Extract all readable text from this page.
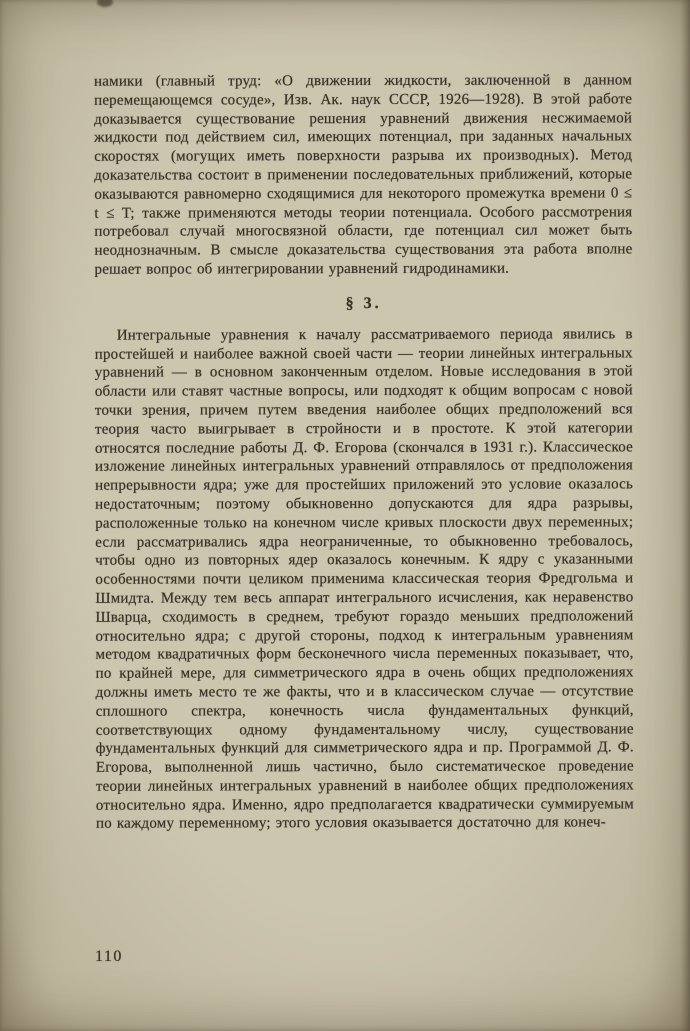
намики (главный труд: «О движении жидкости, заключенной в данном перемещающемся сосуде», Изв. Ак. наук СССР, 1926—1928). В этой работе доказывается существование решения уравнений движения несжимаемой жидкости под действием сил, имеющих потенциал, при заданных начальных скоростях (могущих иметь поверхности разрыва их производных). Метод доказательства состоит в применении последовательных приближений, которые оказываются равномерно сходящимися для некоторого промежутка времени 0 ≤ t ≤ T; также применяются методы теории потенциала. Особого рассмотрения потребовал случай многосвязной области, где потенциал сил может быть неоднозначным. В смысле доказательства существования эта работа вполне решает вопрос об интегрировании уравнений гидродинамики.

§ 3.

Интегральные уравнения к началу рассматриваемого периода явились в простейшей и наиболее важной своей части — теории линейных интегральных уравнений — в основном законченным отделом. Новые исследования в этой области или ставят частные вопросы, или подходят к общим вопросам с новой точки зрения, причем путем введения наиболее общих предположений вся теория часто выигрывает в стройности и в простоте. К этой категории относятся последние работы Д. Ф. Егорова (скончался в 1931 г.). Классическое изложение линейных интегральных уравнений отправлялось от предположения непрерывности ядра; уже для простейших приложений это условие оказалось недостаточным; поэтому обыкновенно допускаются для ядра разрывы, расположенные только на конечном числе кривых плоскости двух переменных; если рассматривались ядра неограниченные, то обыкновенно требовалось, чтобы одно из повторных ядер оказалось конечным. К ядру с указанными особенностями почти целиком применима классическая теория Фредгольма и Шмидта. Между тем весь аппарат интегрального исчисления, как неравенство Шварца, сходимость в среднем, требуют гораздо меньших предположений относительно ядра; с другой стороны, подход к интегральным уравнениям методом квадратичных форм бесконечного числа переменных показывает, что, по крайней мере, для симметрического ядра в очень общих предположениях должны иметь место те же факты, что и в классическом случае — отсутствие сплошного спектра, конечность числа фундаментальных функций, соответствующих одному фундаментальному числу, существование фундаментальных функций для симметрического ядра и пр. Программой Д. Ф. Егорова, выполненной лишь частично, было систематическое проведение теории линейных интегральных уравнений в наиболее общих предположениях относительно ядра. Именно, ядро предполагается квадратически суммируемым по каждому переменному; этого условия оказывается достаточно для конеч-

110
